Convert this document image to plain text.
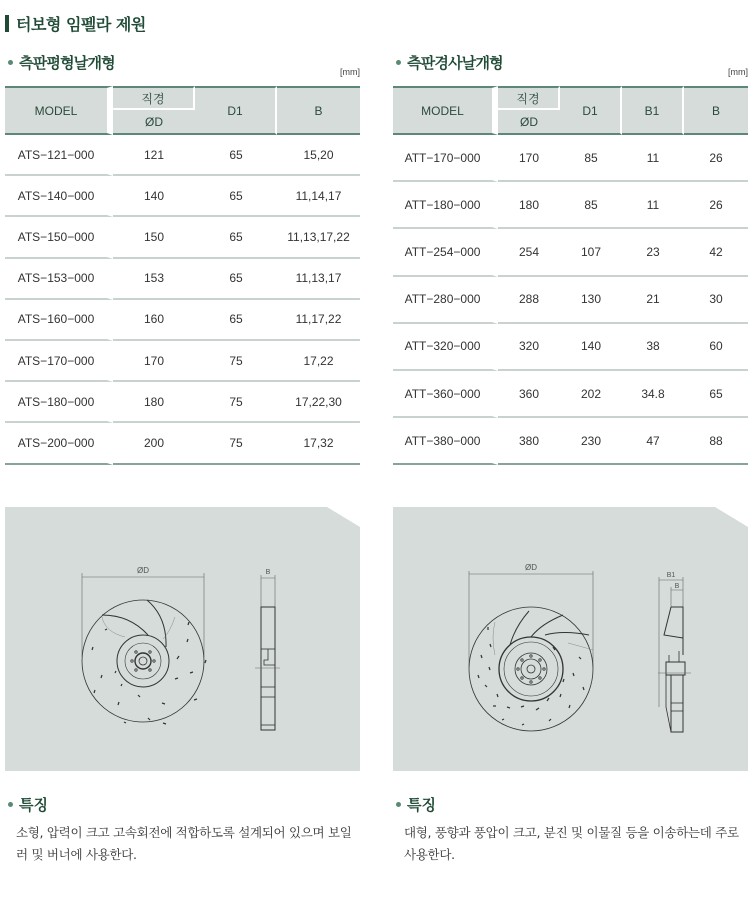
터보형 임펠라 제원
측판평형날개형	[mm]
MODEL	직경	D1	B
	ØD		
ATS−121−000	121	65	15,20
ATS−140−000	140	65	11,14,17
ATS−150−000	150	65	11,13,17,22
ATS−153−000	153	65	11,13,17
ATS−160−000	160	65	11,17,22
ATS−170−000	170	75	17,22
ATS−180−000	180	75	17,22,30
ATS−200−000	200	75	17,32
ØD	B
특징
소형, 압력이 크고 고속회전에 적합하도록 설계되어 있으며 보일러 및 버너에 사용한다.
측판경사날개형	[mm]
MODEL	직경	D1	B1	B
	ØD			
ATT−170−000	170	85	11	26
ATT−180−000	180	85	11	26
ATT−254−000	254	107	23	42
ATT−280−000	288	130	21	30
ATT−320−000	320	140	38	60
ATT−360−000	360	202	34.8	65
ATT−380−000	380	230	47	88
ØD
B1
B
특징
대형, 풍향과 풍압이 크고, 분진 및 이물질 등을 이송하는데 주로 사용한다.
